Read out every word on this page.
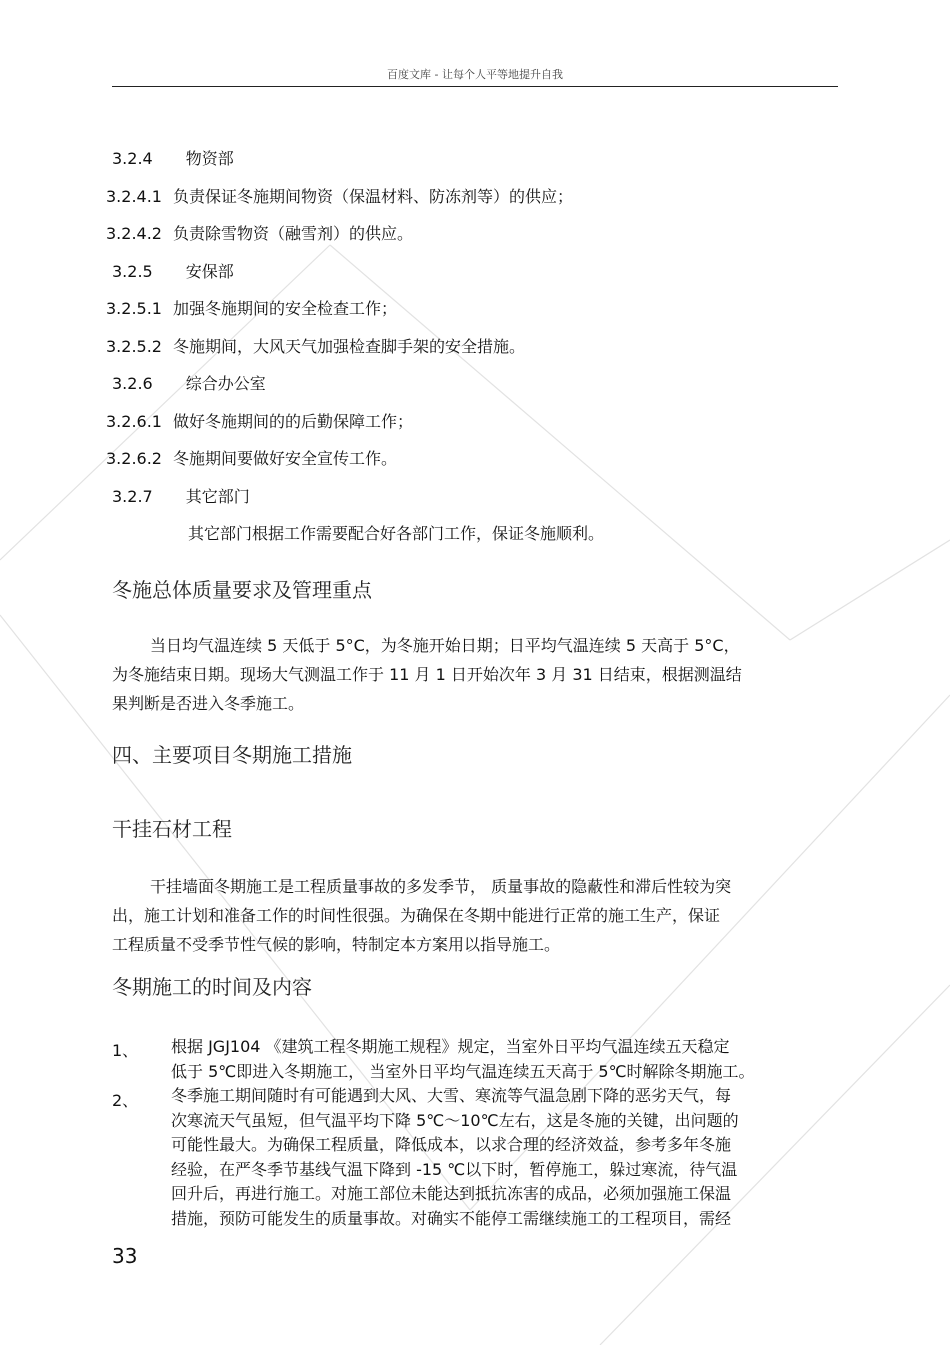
百度文库 - 让每个人平等地提升自我
3.2.4 物资部
3.2.4.1 负责保证冬施期间物资（保温材料、防冻剂等）的供应；
3.2.4.2 负责除雪物资（融雪剂）的供应。
3.2.5 安保部
3.2.5.1 加强冬施期间的安全检查工作；
3.2.5.2 冬施期间，大风天气加强检查脚手架的安全措施。
3.2.6 综合办公室
3.2.6.1 做好冬施期间的的后勤保障工作；
3.2.6.2 冬施期间要做好安全宣传工作。
3.2.7 其它部门
其它部门根据工作需要配合好各部门工作，保证冬施顺利。
冬施总体质量要求及管理重点
当日均气温连续 5 天低于 5°C，为冬施开始日期；日平均气温连续 5 天高于 5°C，
为冬施结束日期。现场大气测温工作于 11 月 1 日开始次年 3 月 31 日结束，根据测温结
果判断是否进入冬季施工。
四、主要项目冬期施工措施
干挂石材工程
干挂墙面冬期施工是工程质量事故的多发季节， 质量事故的隐蔽性和滞后性较为突
出，施工计划和准备工作的时间性很强。为确保在冬期中能进行正常的施工生产，保证
工程质量不受季节性气候的影响，特制定本方案用以指导施工。
冬期施工的时间及内容
1、 根据 JGJ104 《建筑工程冬期施工规程》规定，当室外日平均气温连续五天稳定
低于 5℃即进入冬期施工， 当室外日平均气温连续五天高于 5℃时解除冬期施工。
2、 冬季施工期间随时有可能遇到大风、大雪、寒流等气温急剧下降的恶劣天气，每
次寒流天气虽短，但气温平均下降 5℃～10℃左右，这是冬施的关键，出问题的
可能性最大。为确保工程质量，降低成本，以求合理的经济效益，参考多年冬施
经验，在严冬季节基线气温下降到 -15 ℃以下时，暂停施工，躲过寒流，待气温
回升后，再进行施工。对施工部位未能达到抵抗冻害的成品，必须加强施工保温
措施，预防可能发生的质量事故。对确实不能停工需继续施工的工程项目，需经
33
